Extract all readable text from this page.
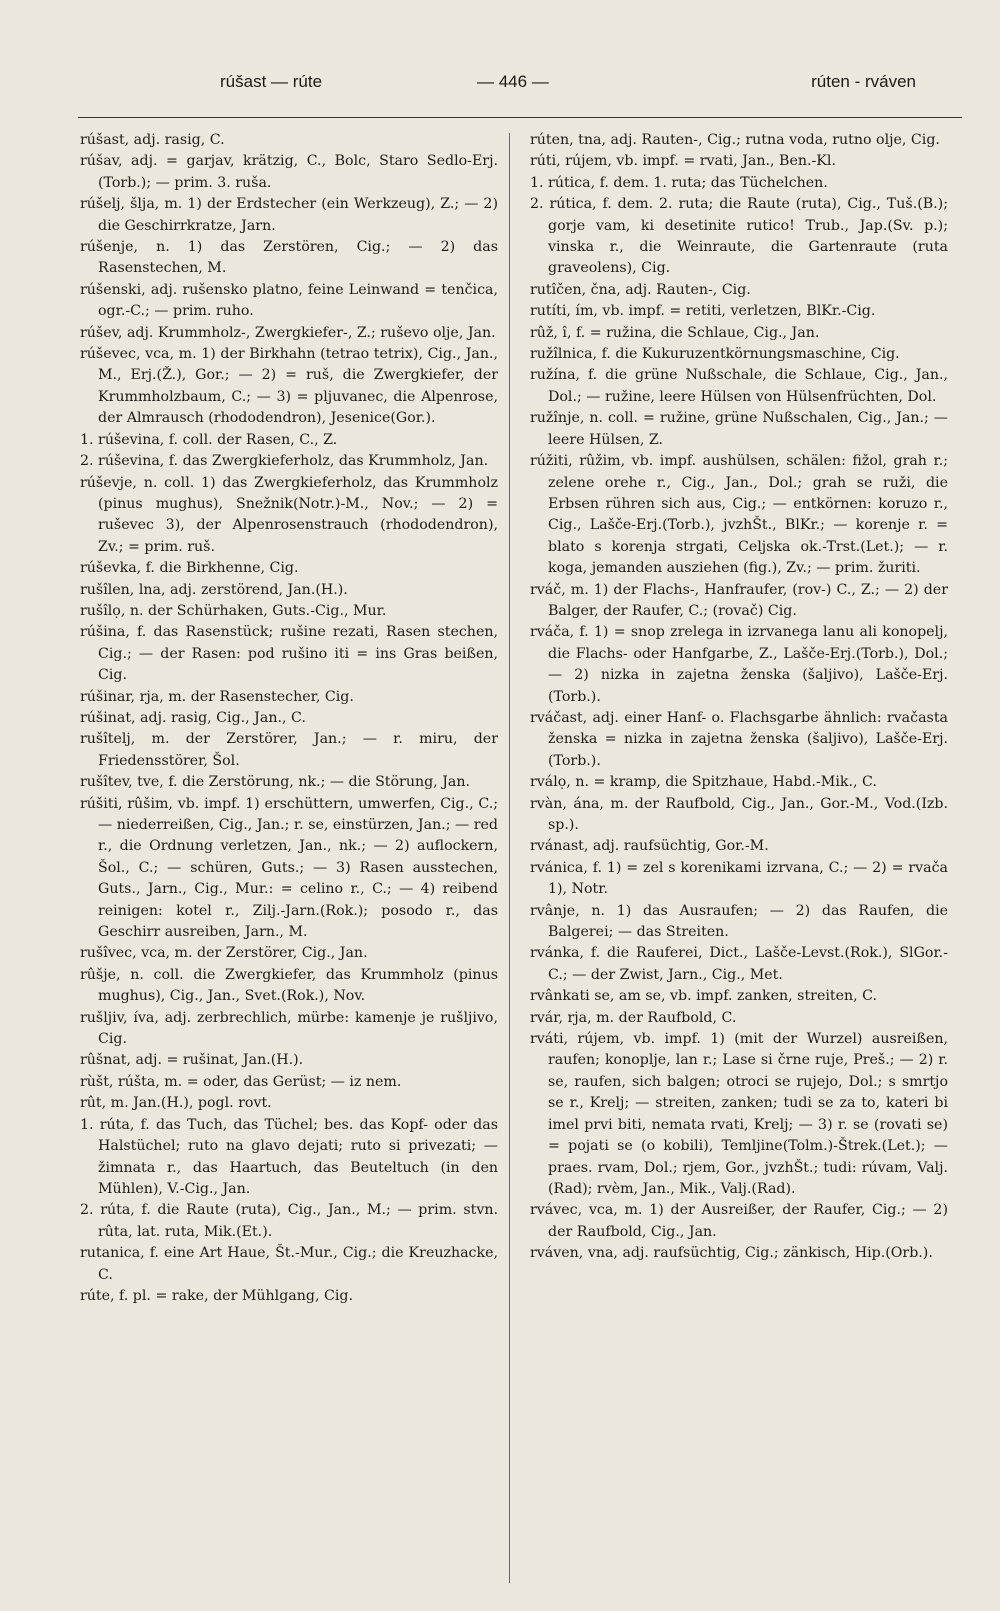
rúšast — rúte	— 446 —	rúten - rváven

rúšast, adj. rasig, C.

rúšav, adj. = garjav, krätzig, C., Bolc, Staro Sedlo-Erj.(Torb.); — prim. 3. ruša.

rúšelj, šlja, m. 1) der Erdstecher (ein Werkzeug), Z.; — 2) die Geschirrkratze, Jarn.

rúšenje, n. 1) das Zerstören, Cig.; — 2) das Rasenstechen, M.

rúšenski, adj. rušensko platno, feine Leinwand = tenčica, ogr.-C.; — prim. ruho.

rúšev, adj. Krummholz-, Zwergkiefer-, Z.; ruševo olje, Jan.

rúševec, vca, m. 1) der Birkhahn (tetrao tetrix), Cig., Jan., M., Erj.(Ž.), Gor.; — 2) = ruš, die Zwergkiefer, der Krummholzbaum, C.; — 3) = pljuvanec, die Alpenrose, der Almrausch (rhododendron), Jesenice(Gor.).

1. rúševina, f. coll. der Rasen, C., Z.

2. rúševina, f. das Zwergkieferholz, das Krummholz, Jan.

rúševje, n. coll. 1) das Zwergkieferholz, das Krummholz (pinus mughus), Snežnik(Notr.)-M., Nov.; — 2) = ruševec 3), der Alpenrosenstrauch (rhododendron), Zv.; = prim. ruš.

rúševka, f. die Birkhenne, Cig.

rušîlen, lna, adj. zerstörend, Jan.(H.).

rušîlọ, n. der Schürhaken, Guts.-Cig., Mur.

rúšina, f. das Rasenstück; rušine rezati, Rasen stechen, Cig.; — der Rasen: pod rušino iti = ins Gras beißen, Cig.

rúšinar, rja, m. der Rasenstecher, Cig.

rúšinat, adj. rasig, Cig., Jan., C.

rušîtelj, m. der Zerstörer, Jan.; — r. miru, der Friedensstörer, Šol.

rušîtev, tve, f. die Zerstörung, nk.; — die Störung, Jan.

rúšiti, rûšim, vb. impf. 1) erschüttern, umwerfen, Cig., C.; — niederreißen, Cig., Jan.; r. se, einstürzen, Jan.; — red r., die Ordnung verletzen, Jan., nk.; — 2) auflockern, Šol., C.; — schüren, Guts.; — 3) Rasen ausstechen, Guts., Jarn., Cig., Mur.: = celino r., C.; — 4) reibend reinigen: kotel r., Zilj.-Jarn.(Rok.); posodo r., das Geschirr ausreiben, Jarn., M.

rušîvec, vca, m. der Zerstörer, Cig., Jan.

rûšje, n. coll. die Zwergkiefer, das Krummholz (pinus mughus), Cig., Jan., Svet.(Rok.), Nov.

rušljiv, íva, adj. zerbrechlich, mürbe: kamenje je rušljivo, Cig.

rûšnat, adj. = rušinat, Jan.(H.).

rùšt, rúšta, m. = oder, das Gerüst; — iz nem.

rût, m. Jan.(H.), pogl. rovt.

1. rúta, f. das Tuch, das Tüchel; bes. das Kopf- oder das Halstüchel; ruto na glavo dejati; ruto si privezati; — žimnata r., das Haartuch, das Beuteltuch (in den Mühlen), V.-Cig., Jan.

2. rúta, f. die Raute (ruta), Cig., Jan., M.; — prim. stvn. rûta, lat. ruta, Mik.(Et.).

rutanica, f. eine Art Haue, Št.-Mur., Cig.; die Kreuzhacke, C.

rúte, f. pl. = rake, der Mühlgang, Cig.

rúten, tna, adj. Rauten-, Cig.; rutna voda, rutno olje, Cig.

rúti, rújem, vb. impf. = rvati, Jan., Ben.-Kl.

1. rútica, f. dem. 1. ruta; das Tüchelchen.

2. rútica, f. dem. 2. ruta; die Raute (ruta), Cig., Tuš.(B.); gorje vam, ki desetinite rutico! Trub., Jap.(Sv. p.); vinska r., die Weinraute, die Gartenraute (ruta graveolens), Cig.

rutîčen, čna, adj. Rauten-, Cig.

rutíti, ím, vb. impf. = retiti, verletzen, BlKr.-Cig.

rûž, î, f. = ružina, die Schlaue, Cig., Jan.

ružîlnica, f. die Kukuruzentkörnungsmaschine, Cig.

ružína, f. die grüne Nußschale, die Schlaue, Cig., Jan., Dol.; — ružine, leere Hülsen von Hülsenfrüchten, Dol.

ružînje, n. coll. = ružine, grüne Nußschalen, Cig., Jan.; — leere Hülsen, Z.

rúžiti, rûžim, vb. impf. aushülsen, schälen: fižol, grah r.; zelene orehe r., Cig., Jan., Dol.; grah se ruži, die Erbsen rühren sich aus, Cig.; — entkörnen: koruzo r., Cig., Lašče-Erj.(Torb.), jvzhŠt., BlKr.; — korenje r. = blato s korenja strgati, Celjska ok.-Trst.(Let.); — r. koga, jemanden ausziehen (fig.), Zv.; — prim. žuriti.

rváč, m. 1) der Flachs-, Hanfraufer, (rov-) C., Z.; — 2) der Balger, der Raufer, C.; (rovač) Cig.

rváča, f. 1) = snop zrelega in izrvanega lanu ali konopelj, die Flachs- oder Hanfgarbe, Z., Lašče-Erj.(Torb.), Dol.; — 2) nizka in zajetna ženska (šaljivo), Lašče-Erj.(Torb.).

rváčast, adj. einer Hanf- o. Flachsgarbe ähnlich: rvačasta ženska = nizka in zajetna ženska (šaljivo), Lašče-Erj.(Torb.).

rválọ, n. = kramp, die Spitzhaue, Habd.-Mik., C.

rvàn, ána, m. der Raufbold, Cig., Jan., Gor.-M., Vod.(Izb. sp.).

rvánast, adj. raufsüchtig, Gor.-M.

rvánica, f. 1) = zel s korenikami izrvana, C.; — 2) = rvača 1), Notr.

rvânje, n. 1) das Ausraufen; — 2) das Raufen, die Balgerei; — das Streiten.

rvánka, f. die Rauferei, Dict., Lašče-Levst.(Rok.), SlGor.-C.; — der Zwist, Jarn., Cig., Met.

rvânkati se, am se, vb. impf. zanken, streiten, C.

rvár, rja, m. der Raufbold, C.

rváti, rújem, vb. impf. 1) (mit der Wurzel) ausreißen, raufen; konoplje, lan r.; Lase si črne ruje, Preš.; — 2) r. se, raufen, sich balgen; otroci se rujejo, Dol.; s smrtjo se r., Krelj; — streiten, zanken; tudi se za to, kateri bi imel prvi biti, nemata rvati, Krelj; — 3) r. se (rovati se) = pojati se (o kobili), Temljine(Tolm.)-Štrek.(Let.); — praes. rvam, Dol.; rjem, Gor., jvzhŠt.; tudi: rúvam, Valj.(Rad); rvèm, Jan., Mik., Valj.(Rad).

rvávec, vca, m. 1) der Ausreißer, der Raufer, Cig.; — 2) der Raufbold, Cig., Jan.

rváven, vna, adj. raufsüchtig, Cig.; zänkisch, Hip.(Orb.).
